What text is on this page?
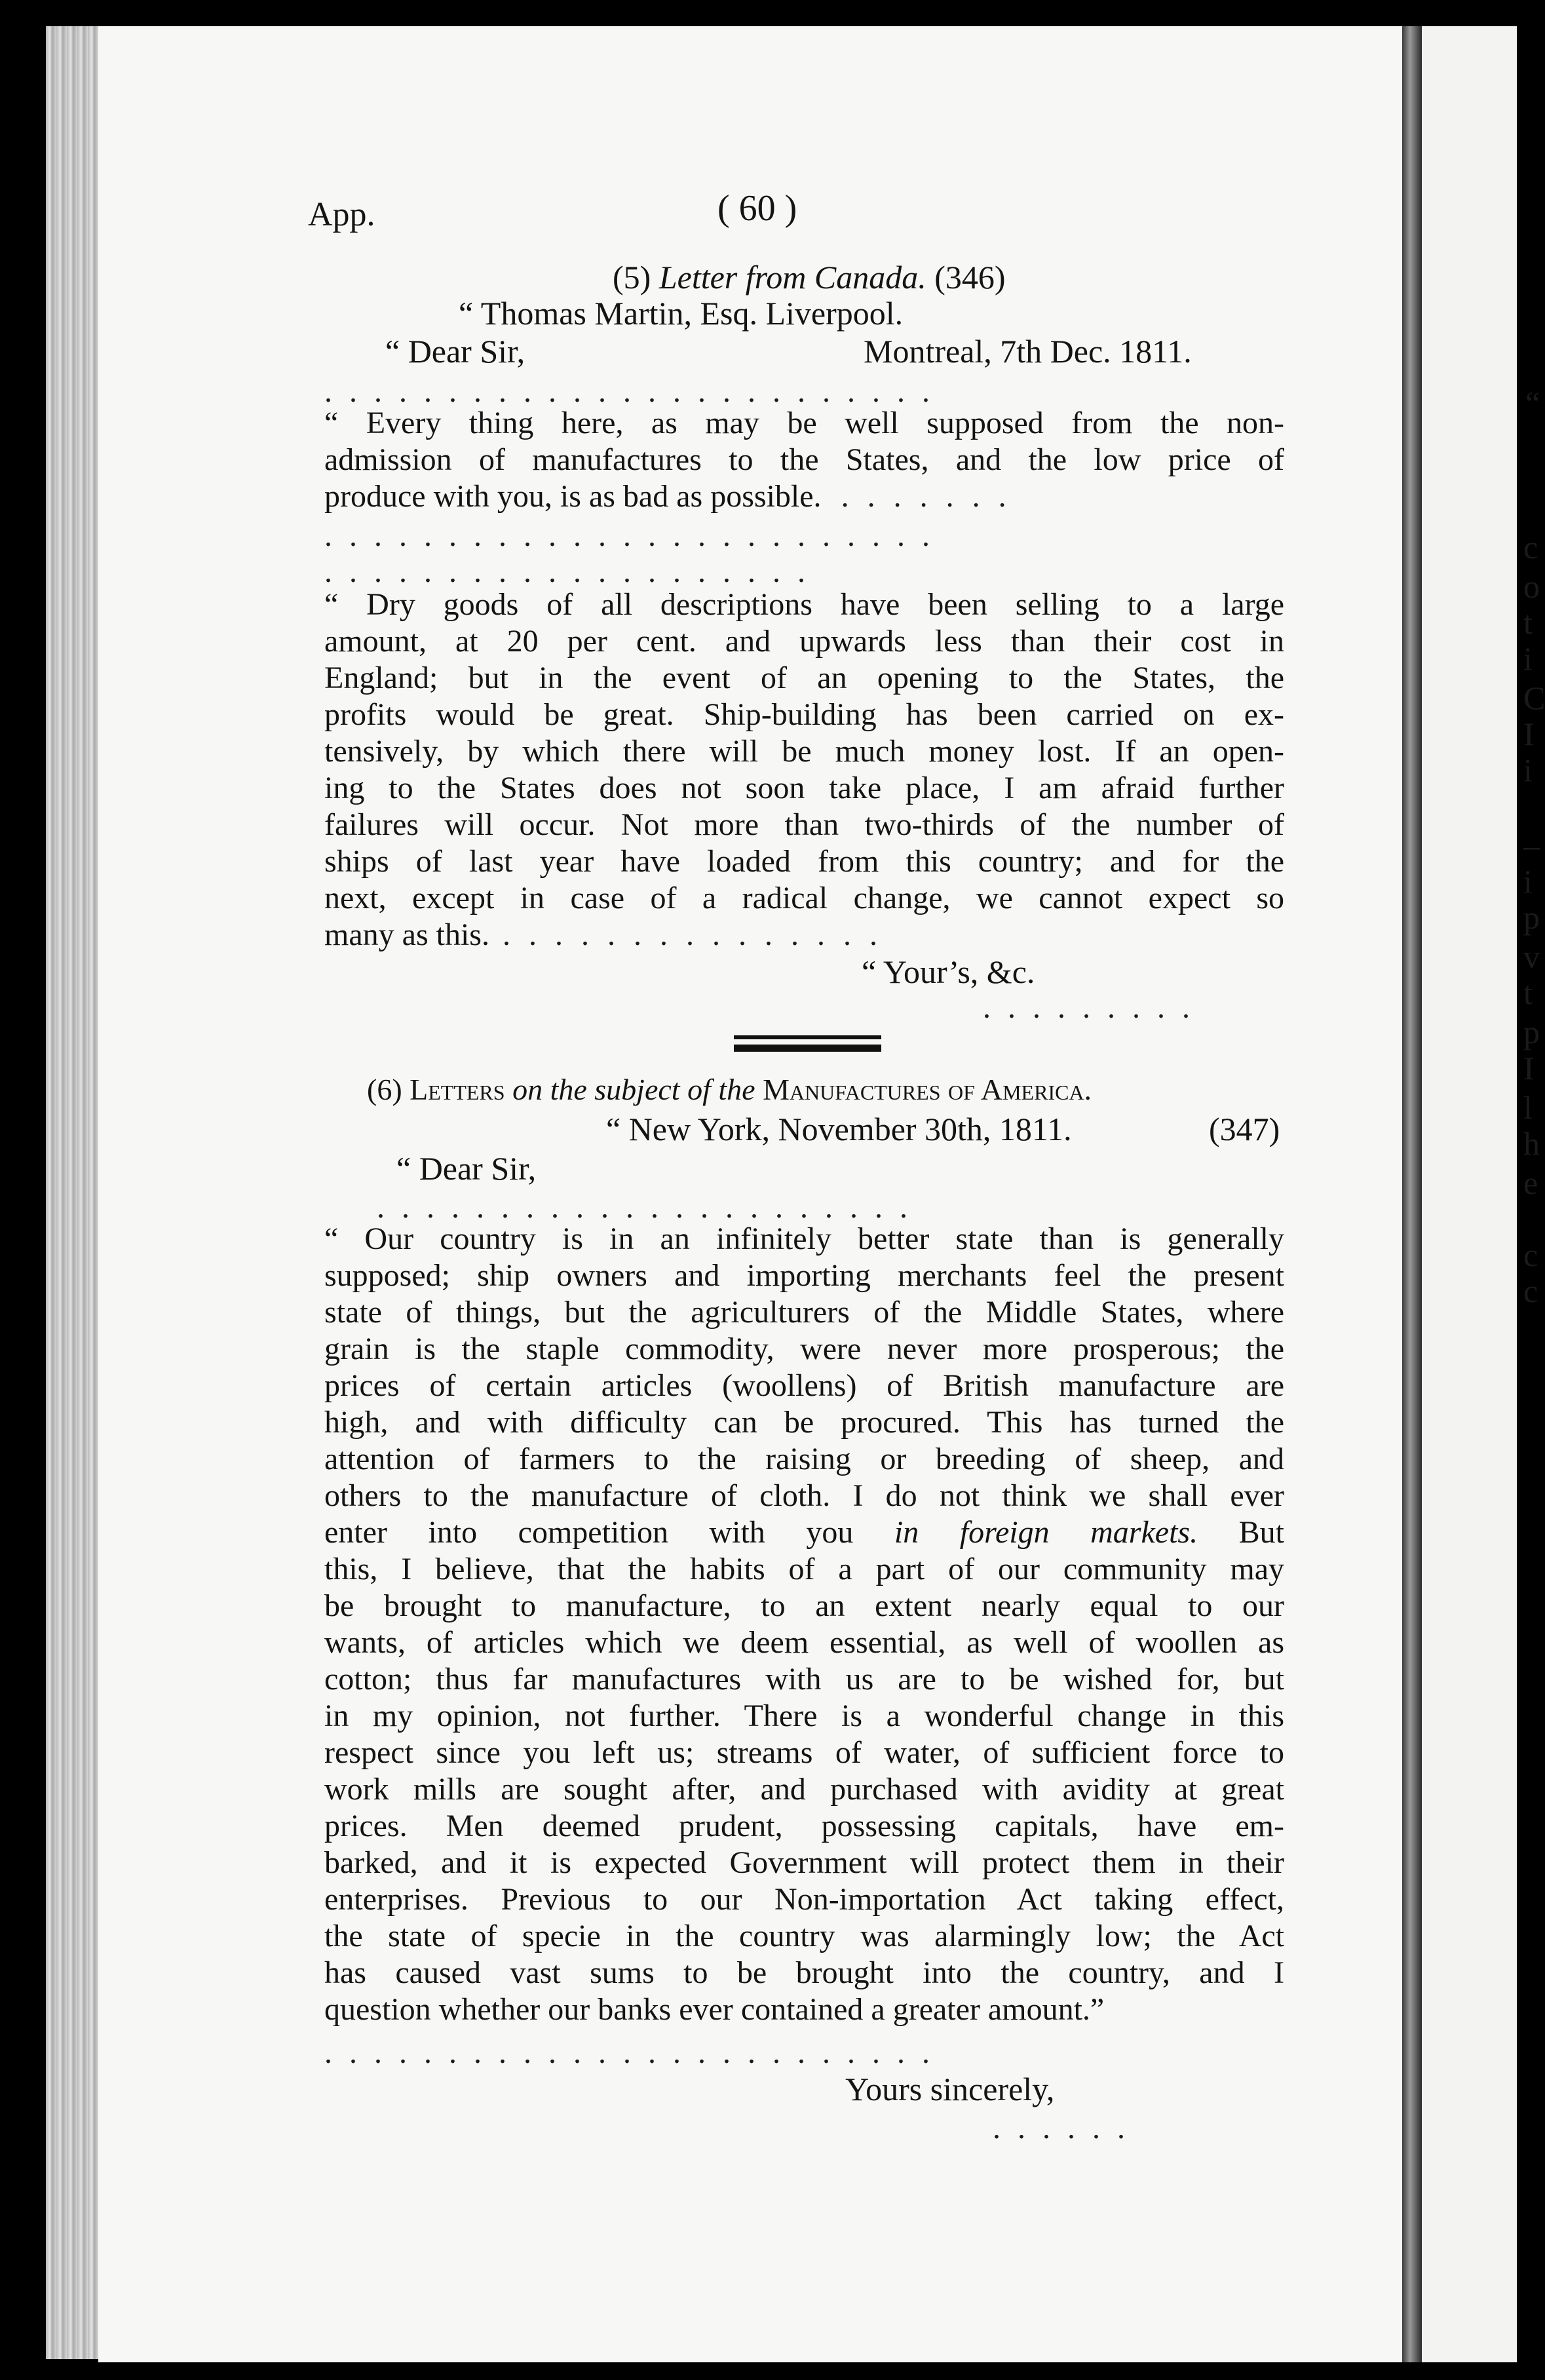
“
c
o
t
i
C
I
i
–
i
p
v
t
p
I
l
h
e
c
c
App.	( 60 )
(5) Letter from Canada. (346)
“ Thomas Martin, Esq. Liverpool.
“ Dear Sir,	Montreal, 7th Dec. 1811.
.........................
“ Every thing here, as may be well supposed from the non-
admission of manufactures to the States, and the low price of
produce with you, is as bad as possible. .......
.........................
....................
“ Dry goods of all descriptions have been selling to a large
amount, at 20 per cent. and upwards less than their cost in
England; but in the event of an opening to the States, the
profits would be great. Ship-building has been carried on ex-
tensively, by which there will be much money lost. If an open-
ing to the States does not soon take place, I am afraid further
failures will occur. Not more than two-thirds of the number of
ships of last year have loaded from this country; and for the
next, except in case of a radical change, we cannot expect so
many as this. ...............
“ Your’s, &c.
.........
(6) Letters on the subject of the Manufactures of America.
“ New York, November 30th, 1811.	(347)
“ Dear Sir,
......................
“ Our country is in an infinitely better state than is generally
supposed; ship owners and importing merchants feel the present
state of things, but the agriculturers of the Middle States, where
grain is the staple commodity, were never more prosperous; the
prices of certain articles (woollens) of British manufacture are
high, and with difficulty can be procured. This has turned the
attention of farmers to the raising or breeding of sheep, and
others to the manufacture of cloth. I do not think we shall ever
enter into competition with you in foreign markets. But
this, I believe, that the habits of a part of our community may
be brought to manufacture, to an extent nearly equal to our
wants, of articles which we deem essential, as well of woollen as
cotton; thus far manufactures with us are to be wished for, but
in my opinion, not further. There is a wonderful change in this
respect since you left us; streams of water, of sufficient force to
work mills are sought after, and purchased with avidity at great
prices. Men deemed prudent, possessing capitals, have em-
barked, and it is expected Government will protect them in their
enterprises. Previous to our Non-importation Act taking effect,
the state of specie in the country was alarmingly low; the Act
has caused vast sums to be brought into the country, and I
question whether our banks ever contained a greater amount.”
.........................
Yours sincerely,
......
